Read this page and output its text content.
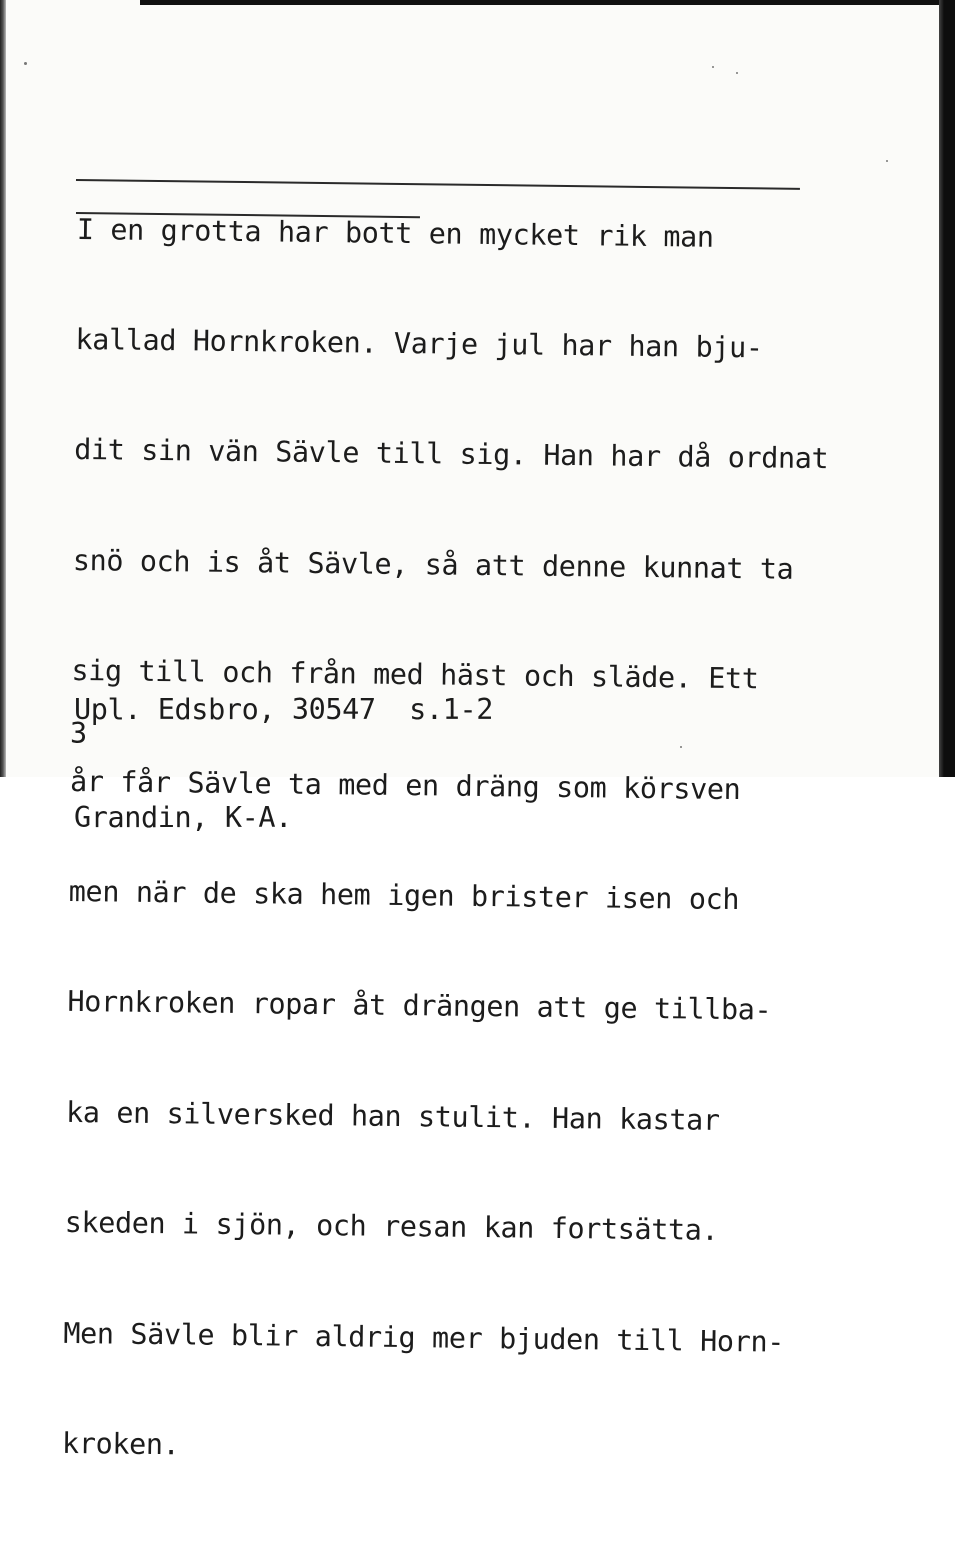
I en grotta har bott en mycket rik man

kallad Hornkroken. Varje jul har han bju-

dit sin vän Sävle till sig. Han har då ordnat

snö och is åt Sävle, så att denne kunnat ta

sig till och från med häst och släde. Ett

år får Sävle ta med en dräng som körsven

men när de ska hem igen brister isen och

Hornkroken ropar åt drängen att ge tillba-

ka en silversked han stulit. Han kastar

skeden i sjön, och resan kan fortsätta.

Men Sävle blir aldrig mer bjuden till Horn-

kroken.

Upl. Edsbro, 30547  s.1-2

Grandin, K-A.

3
